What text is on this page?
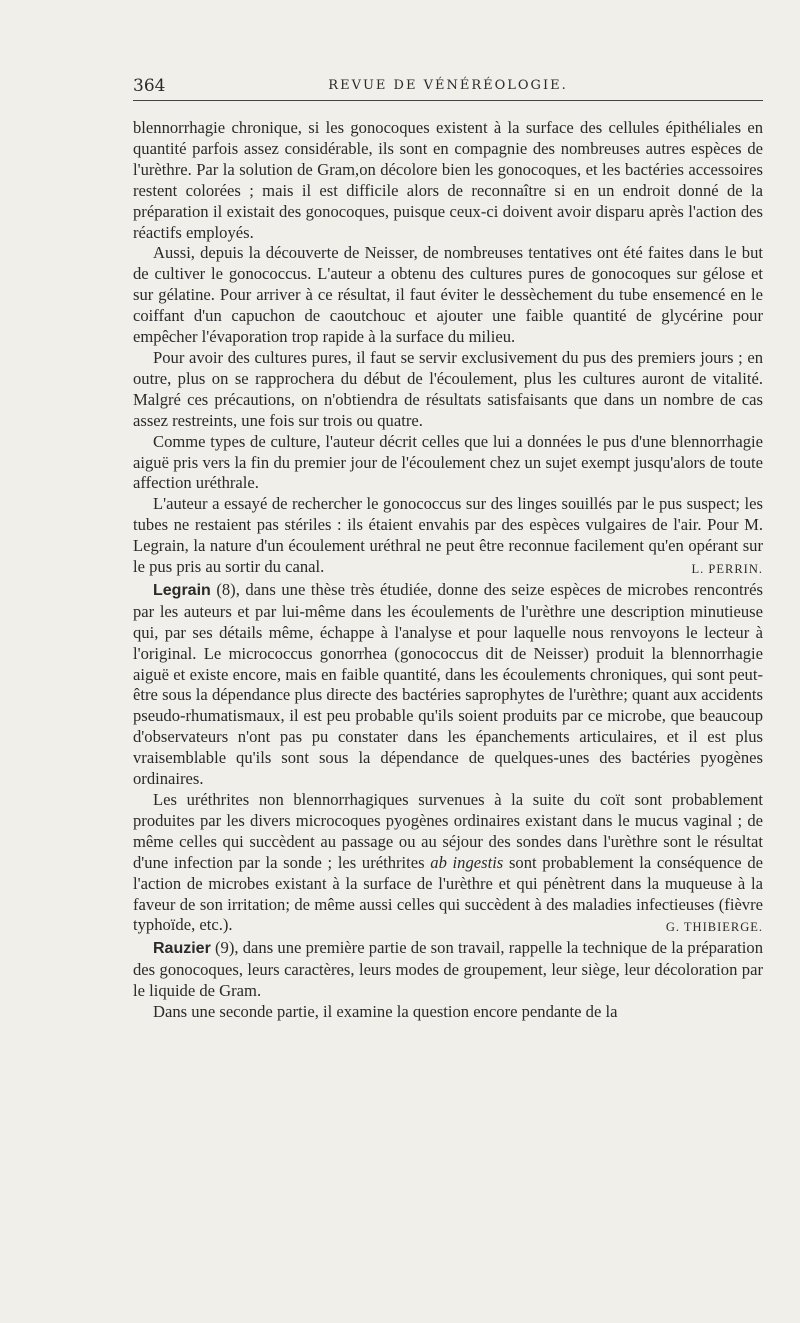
364	REVUE DE VÉNÉRÉOLOGIE.

blennorrhagie chronique, si les gonocoques existent à la surface des cellules épithéliales en quantité parfois assez considérable, ils sont en compagnie des nombreuses autres espèces de l'urèthre. Par la solution de Gram,on décolore bien les gonocoques, et les bactéries accessoires restent colorées ; mais il est difficile alors de reconnaître si en un endroit donné de la préparation il existait des gonocoques, puisque ceux-ci doivent avoir disparu après l'action des réactifs employés.

Aussi, depuis la découverte de Neisser, de nombreuses tentatives ont été faites dans le but de cultiver le gonococcus. L'auteur a obtenu des cultures pures de gonocoques sur gélose et sur gélatine. Pour arriver à ce résultat, il faut éviter le dessèchement du tube ensemencé en le coiffant d'un capuchon de caoutchouc et ajouter une faible quantité de glycérine pour empêcher l'évaporation trop rapide à la surface du milieu.

Pour avoir des cultures pures, il faut se servir exclusivement du pus des premiers jours ; en outre, plus on se rapprochera du début de l'écoulement, plus les cultures auront de vitalité. Malgré ces précautions, on n'obtiendra de résultats satisfaisants que dans un nombre de cas assez restreints, une fois sur trois ou quatre.

Comme types de culture, l'auteur décrit celles que lui a données le pus d'une blennorrhagie aiguë pris vers la fin du premier jour de l'écoulement chez un sujet exempt jusqu'alors de toute affection uréthrale.

L'auteur a essayé de rechercher le gonococcus sur des linges souillés par le pus suspect; les tubes ne restaient pas stériles : ils étaient envahis par des espèces vulgaires de l'air. Pour M. Legrain, la nature d'un écoulement uréthral ne peut être reconnue facilement qu'en opérant sur le pus pris au sortir du canal.	L. PERRIN.

Legrain (8), dans une thèse très étudiée, donne des seize espèces de microbes rencontrés par les auteurs et par lui-même dans les écoulements de l'urèthre une description minutieuse qui, par ses détails même, échappe à l'analyse et pour laquelle nous renvoyons le lecteur à l'original. Le micrococcus gonorrhea (gonococcus dit de Neisser) produit la blennorrhagie aiguë et existe encore, mais en faible quantité, dans les écoulements chroniques, qui sont peut-être sous la dépendance plus directe des bactéries saprophytes de l'urèthre; quant aux accidents pseudo-rhumatismaux, il est peu probable qu'ils soient produits par ce microbe, que beaucoup d'observateurs n'ont pas pu constater dans les épanchements articulaires, et il est plus vraisemblable qu'ils sont sous la dépendance de quelques-unes des bactéries pyogènes ordinaires.

Les uréthrites non blennorrhagiques survenues à la suite du coït sont probablement produites par les divers microcoques pyogènes ordinaires existant dans le mucus vaginal ; de même celles qui succèdent au passage ou au séjour des sondes dans l'urèthre sont le résultat d'une infection par la sonde ; les uréthrites ab ingestis sont probablement la conséquence de l'action de microbes existant à la surface de l'urèthre et qui pénètrent dans la muqueuse à la faveur de son irritation; de même aussi celles qui succèdent à des maladies infectieuses (fièvre typhoïde, etc.).	G. THIBIERGE.

Rauzier (9), dans une première partie de son travail, rappelle la technique de la préparation des gonocoques, leurs caractères, leurs modes de groupement, leur siège, leur décoloration par le liquide de Gram.

Dans une seconde partie, il examine la question encore pendante de la
